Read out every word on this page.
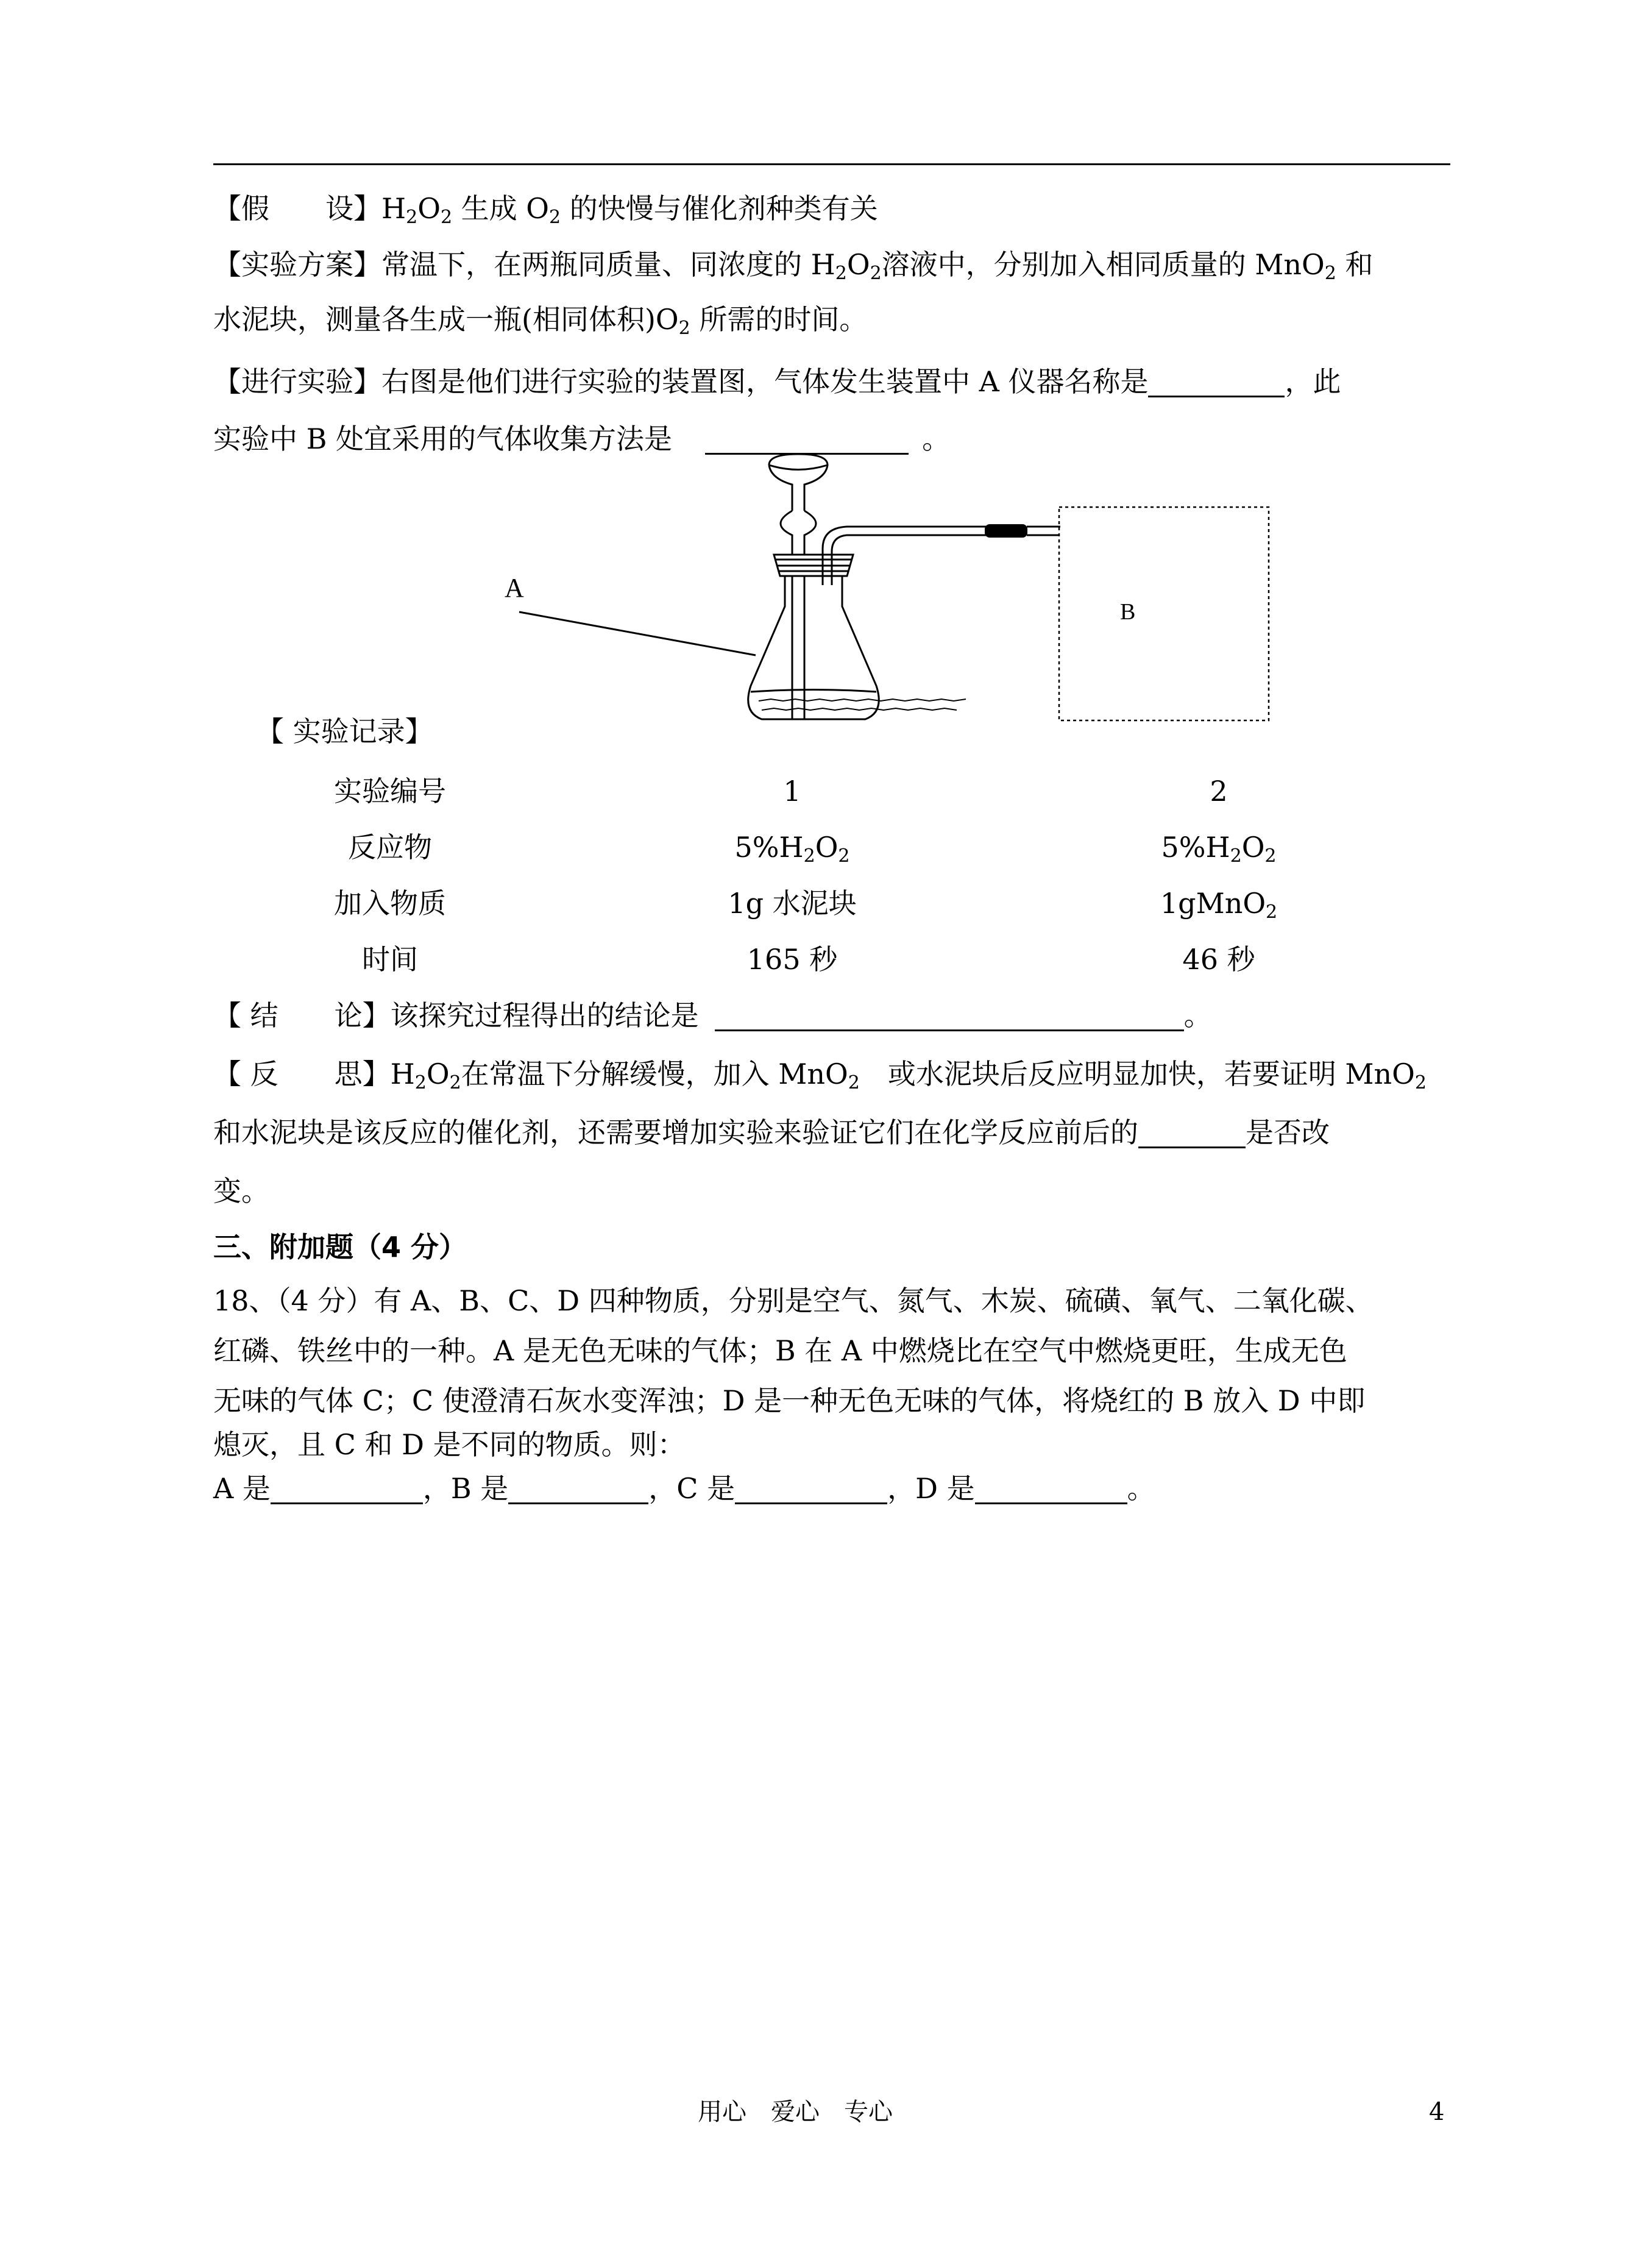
【假　　设】$H_2O_2$ 生成 $O_2$ 的快慢与催化剂种类有关
【实验方案】常温下，在两瓶同质量、同浓度的 $H_2O_2$溶液中，分别加入相同质量的 MnO$_2$ 和
水泥块，测量各生成一瓶(相同体积)$O_2$ 所需的时间。
【进行实验】右图是他们进行实验的装置图，气体发生装置中 A 仪器名称是	，此
实验中 B 处宜采用的气体收集方法是	。
A
B
【 实验记录】
实验编号	1	2
反应物	$5\%H_2O_2$	$5\%H_2O_2$
加入物质	1g 水泥块	1gMnO$_2$
时间	165 秒	46 秒
【 结　　论】该探究过程得出的结论是	。
【 反　　思】$H_2O_2$在常温下分解缓慢，加入 MnO$_2$　或水泥块后反应明显加快，若要证明 MnO$_2$
和水泥块是该反应的催化剂，还需要增加实验来验证它们在化学反应前后的	是否改
变。
三、附加题（4 分）
18、（4 分）有 A、B、C、D 四种物质，分别是空气、氮气、木炭、硫磺、氧气、二氧化碳、
红磷、铁丝中的一种。A 是无色无味的气体；B 在 A 中燃烧比在空气中燃烧更旺，生成无色
无味的气体 C；C 使澄清石灰水变浑浊；D 是一种无色无味的气体，将烧红的 B 放入 D 中即
熄灭，且 C 和 D 是不同的物质。则：
A 是	，B 是	，C 是	，D 是	。
用心　爱心　专心	4
